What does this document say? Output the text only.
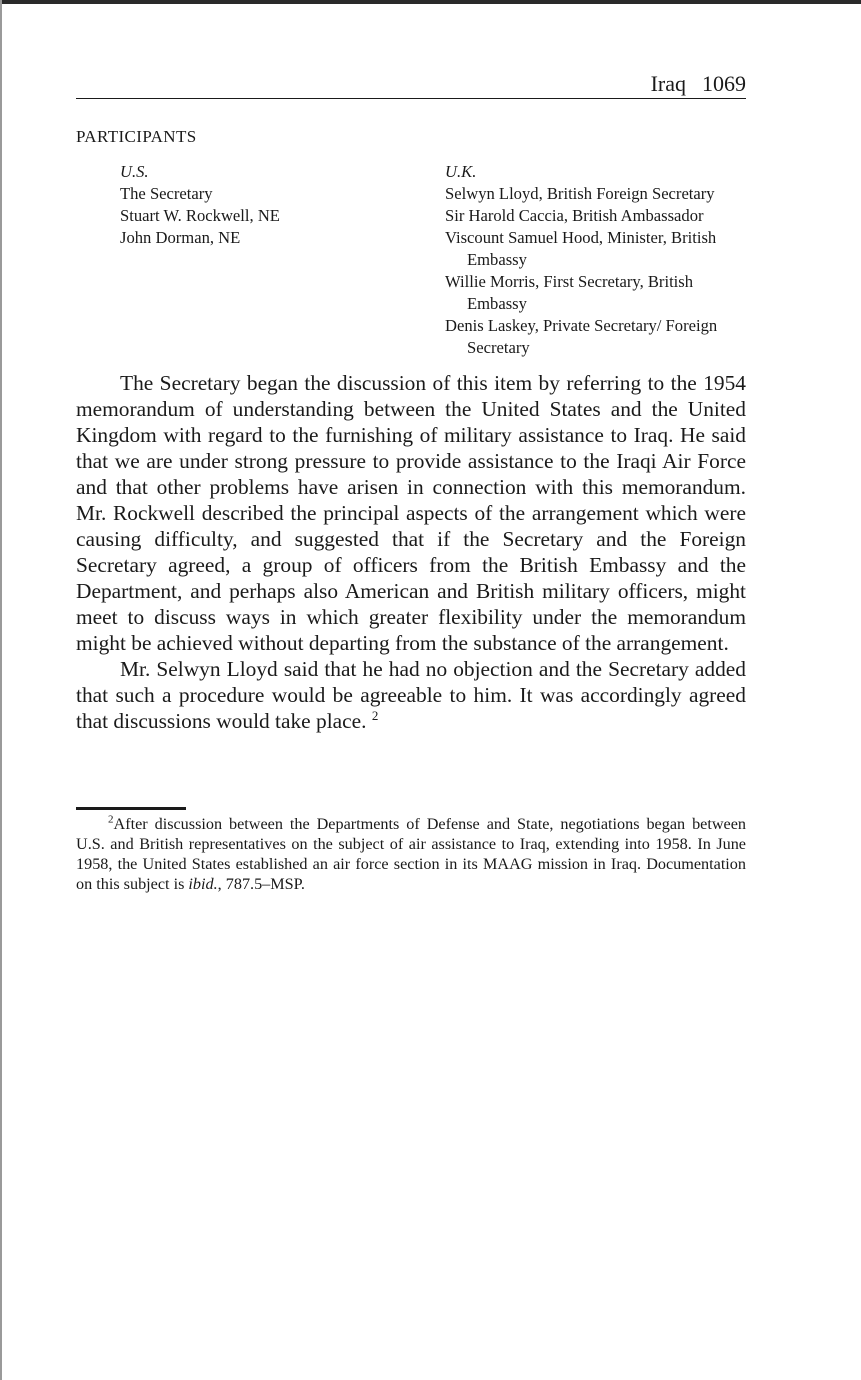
Iraq 1069
PARTICIPANTS
U.S.
The Secretary
Stuart W. Rockwell, NE
John Dorman, NE
U.K.
Selwyn Lloyd, British Foreign Secretary
Sir Harold Caccia, British Ambassador
Viscount Samuel Hood, Minister, British Embassy
Willie Morris, First Secretary, British Embassy
Denis Laskey, Private Secretary/ Foreign Secretary

The Secretary began the discussion of this item by referring to the 1954 memorandum of understanding between the United States and the United Kingdom with regard to the furnishing of military assistance to Iraq. He said that we are under strong pressure to provide assistance to the Iraqi Air Force and that other problems have arisen in connection with this memorandum. Mr. Rockwell described the principal aspects of the arrangement which were causing difficulty, and suggested that if the Secretary and the Foreign Secretary agreed, a group of officers from the British Embassy and the Department, and perhaps also American and British military officers, might meet to discuss ways in which greater flexibility under the memorandum might be achieved without departing from the substance of the arrangement.

Mr. Selwyn Lloyd said that he had no objection and the Secretary added that such a procedure would be agreeable to him. It was accordingly agreed that discussions would take place. $^2$

$^2$After discussion between the Departments of Defense and State, negotiations began between U.S. and British representatives on the subject of air assistance to Iraq, extending into 1958. In June 1958, the United States established an air force section in its MAAG mission in Iraq. Documentation on this subject is ibid., 787.5–MSP.
